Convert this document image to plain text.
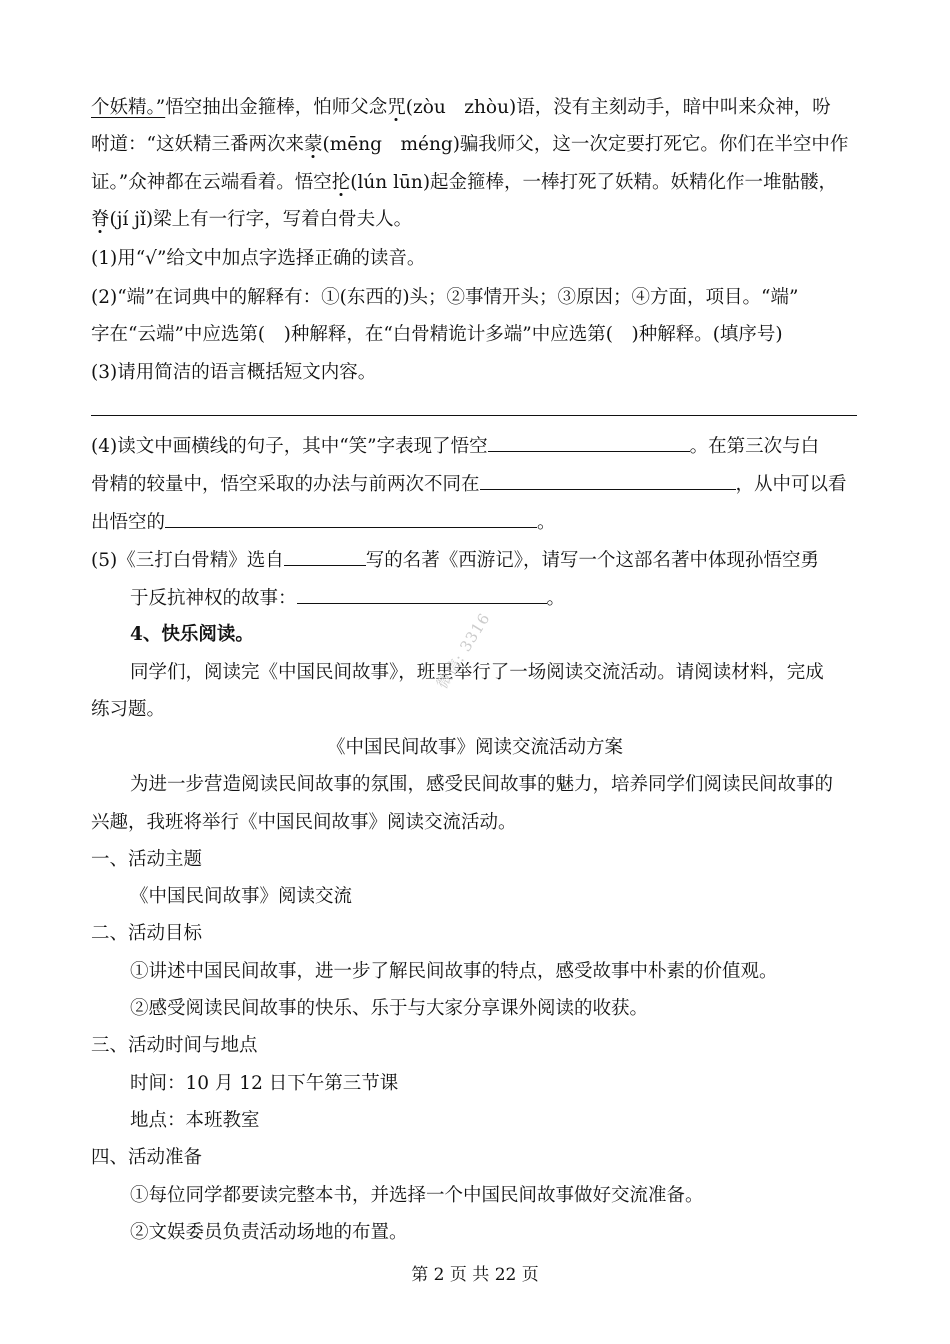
个妖精。”悟空抽出金箍棒，怕师父念咒(zòu　zhòu)语，没有主刻动手，暗中叫来众神，吩
咐道：“这妖精三番两次来蒙(mēng　méng)骗我师父，这一次定要打死它。你们在半空中作
证。”众神都在云端看着。悟空抡(lún lūn)起金箍棒，一棒打死了妖精。妖精化作一堆骷髅，
脊(jí jǐ)梁上有一行字，写着白骨夫人。
(1)用“√”给文中加点字选择正确的读音。
(2)“端”在词典中的解释有：①(东西的)头；②事情开头；③原因；④方面，项目。“端”
字在“云端”中应选第(　)种解释，在“白骨精诡计多端”中应选第(　)种解释。(填序号)
(3)请用简洁的语言概括短文内容。
(4)读文中画横线的句子，其中“笑”字表现了悟空	。在第三次与白
骨精的较量中，悟空采取的办法与前两次不同在	，从中可以看
出悟空的	。
(5)《三打白骨精》选自	写的名著《西游记》，请写一个这部名著中体现孙悟空勇
于反抗神权的故事：	。
4、快乐阅读。
同学们，阅读完《中国民间故事》，班里举行了一场阅读交流活动。请阅读材料，完成
练习题。
《中国民间故事》阅读交流活动方案
为进一步营造阅读民间故事的氛围，感受民间故事的魅力，培养同学们阅读民间故事的
兴趣，我班将举行《中国民间故事》阅读交流活动。
一、活动主题
《中国民间故事》阅读交流
二、活动目标
①讲述中国民间故事，进一步了解民间故事的特点，感受故事中朴素的价值观。
②感受阅读民间故事的快乐、乐于与大家分享课外阅读的收获。
三、活动时间与地点
时间：10 月 12 日下午第三节课
地点：本班教室
四、活动准备
①每位同学都要读完整本书，并选择一个中国民间故事做好交流准备。
②文娱委员负责活动场地的布置。
微信: 3316
第 2 页 共 22 页
